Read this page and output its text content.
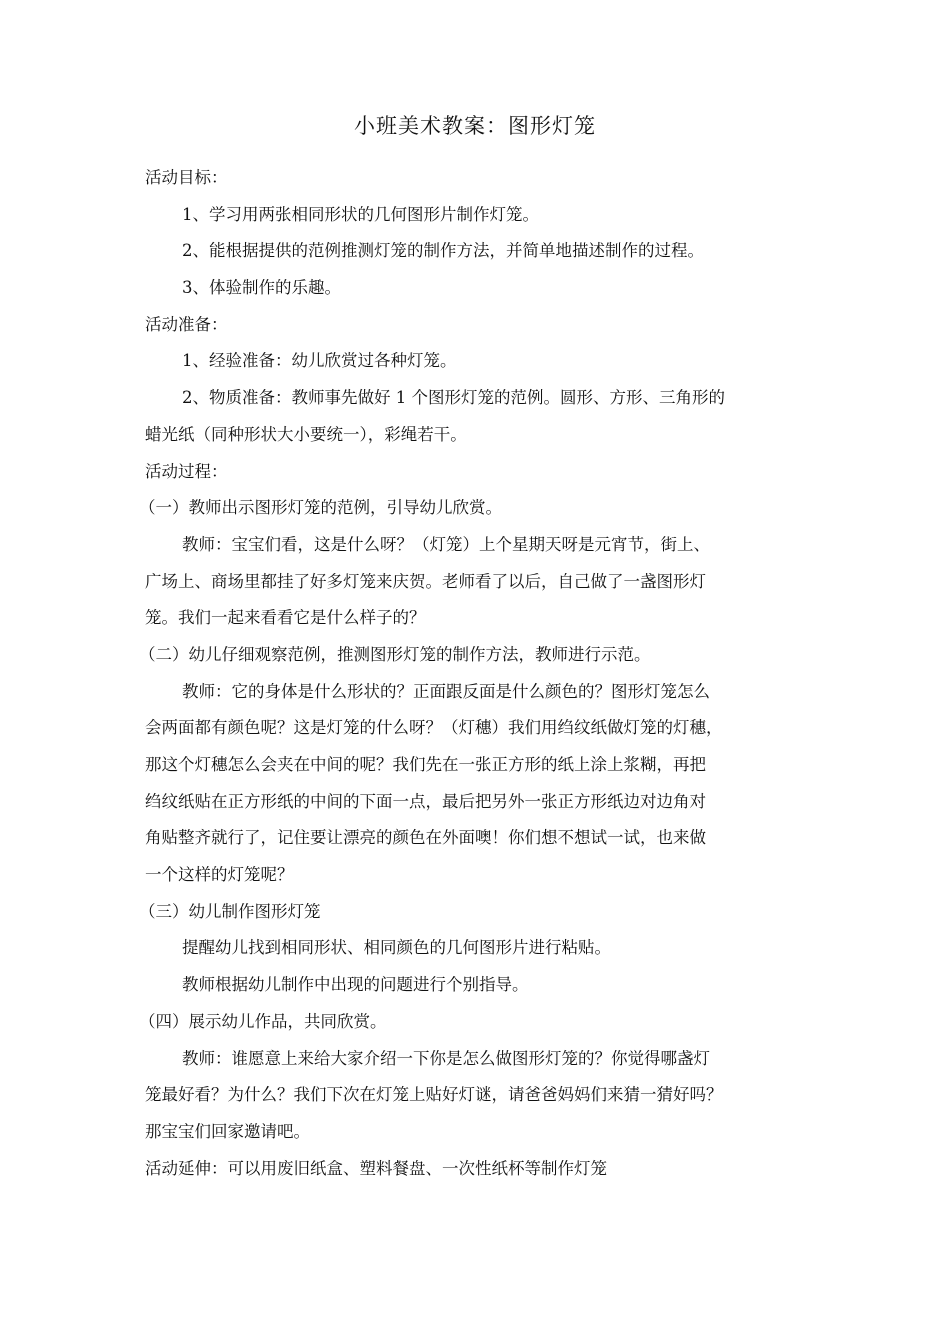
小班美术教案：图形灯笼
活动目标：
1、学习用两张相同形状的几何图形片制作灯笼。
2、能根据提供的范例推测灯笼的制作方法，并简单地描述制作的过程。
3、体验制作的乐趣。
活动准备：
1、经验准备：幼儿欣赏过各种灯笼。
2、物质准备：教师事先做好 1 个图形灯笼的范例。圆形、方形、三角形的
蜡光纸（同种形状大小要统一），彩绳若干。
活动过程：
（一）教师出示图形灯笼的范例，引导幼儿欣赏。
教师：宝宝们看，这是什么呀？（灯笼）上个星期天呀是元宵节，街上、
广场上、商场里都挂了好多灯笼来庆贺。老师看了以后，自己做了一盏图形灯
笼。我们一起来看看它是什么样子的？
（二）幼儿仔细观察范例，推测图形灯笼的制作方法，教师进行示范。
教师：它的身体是什么形状的？正面跟反面是什么颜色的？图形灯笼怎么
会两面都有颜色呢？这是灯笼的什么呀？（灯穗）我们用绉纹纸做灯笼的灯穗，
那这个灯穗怎么会夹在中间的呢？我们先在一张正方形的纸上涂上浆糊，再把
绉纹纸贴在正方形纸的中间的下面一点，最后把另外一张正方形纸边对边角对
角贴整齐就行了，记住要让漂亮的颜色在外面噢！你们想不想试一试，也来做
一个这样的灯笼呢？
（三）幼儿制作图形灯笼
提醒幼儿找到相同形状、相同颜色的几何图形片进行粘贴。
教师根据幼儿制作中出现的问题进行个别指导。
（四）展示幼儿作品，共同欣赏。
教师：谁愿意上来给大家介绍一下你是怎么做图形灯笼的？你觉得哪盏灯
笼最好看？为什么？我们下次在灯笼上贴好灯谜，请爸爸妈妈们来猜一猜好吗？
那宝宝们回家邀请吧。
活动延伸：可以用废旧纸盒、塑料餐盘、一次性纸杯等制作灯笼
